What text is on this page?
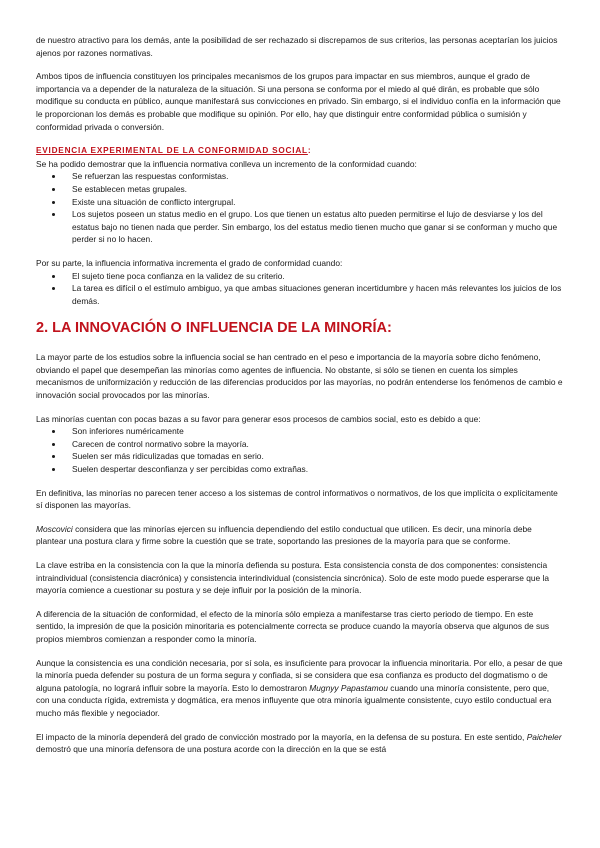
de nuestro atractivo para los demás, ante la posibilidad de ser rechazado si discrepamos de sus criterios, las personas aceptarían los juicios ajenos por razones normativas.

Ambos tipos de influencia constituyen los principales mecanismos de los grupos para impactar en sus miembros, aunque el grado de importancia va a depender de la naturaleza de la situación. Si una persona se conforma por el miedo al qué dirán, es probable que sólo modifique su conducta en público, aunque manifestará sus convicciones en privado. Sin embargo, si el individuo confía en la información que le proporcionan los demás es probable que modifique su opinión. Por ello, hay que distinguir entre conformidad pública o sumisión y conformidad privada o conversión.

EVIDENCIA EXPERIMENTAL DE LA CONFORMIDAD SOCIAL:

Se ha podido demostrar que la influencia normativa conlleva un incremento de la conformidad cuando:

• Se refuerzan las respuestas conformistas.
• Se establecen metas grupales.
• Existe una situación de conflicto intergrupal.
• Los sujetos poseen un status medio en el grupo. Los que tienen un estatus alto pueden permitirse el lujo de desviarse y los del estatus bajo no tienen nada que perder. Sin embargo, los del estatus medio tienen mucho que ganar si se conforman y mucho que perder si no lo hacen.

Por su parte, la influencia informativa incrementa el grado de conformidad cuando:

• El sujeto tiene poca confianza en la validez de su criterio.
• La tarea es difícil o el estímulo ambiguo, ya que ambas situaciones generan incertidumbre y hacen más relevantes los juicios de los demás.
2. LA INNOVACIÓN O INFLUENCIA DE LA MINORÍA:

La mayor parte de los estudios sobre la influencia social se han centrado en el peso e importancia de la mayoría sobre dicho fenómeno, obviando el papel que desempeñan las minorías como agentes de influencia. No obstante, si sólo se tienen en cuenta los simples mecanismos de uniformización y reducción de las diferencias producidos por las mayorías, no podrán entenderse los fenómenos de cambio e innovación social provocados por las minorías.

Las minorías cuentan con pocas bazas a su favor para generar esos procesos de cambios social, esto es debido a que:

• Son inferiores numéricamente
• Carecen de control normativo sobre la mayoría.
• Suelen ser más ridiculizadas que tomadas en serio.
• Suelen despertar desconfianza y ser percibidas como extrañas.

En definitiva, las minorías no parecen tener acceso a los sistemas de control informativos o normativos, de los que implícita o explícitamente sí disponen las mayorías.

Moscovici considera que las minorías ejercen su influencia dependiendo del estilo conductual que utilicen. Es decir, una minoría debe plantear una postura clara y firme sobre la cuestión que se trate, soportando las presiones de la mayoría para que se conforme.

La clave estriba en la consistencia con la que la minoría defienda su postura. Esta consistencia consta de dos componentes: consistencia intraindividual (consistencia diacrónica) y consistencia interindividual (consistencia sincrónica). Solo de este modo puede esperarse que la mayoría comience a cuestionar su postura y se deje influir por la posición de la minoría.

A diferencia de la situación de conformidad, el efecto de la minoría sólo empieza a manifestarse tras cierto periodo de tiempo. En este sentido, la impresión de que la posición minoritaria es potencialmente correcta se produce cuando la mayoría observa que algunos de sus propios miembros comienzan a responder como la minoría.

Aunque la consistencia es una condición necesaria, por sí sola, es insuficiente para provocar la influencia minoritaria. Por ello, a pesar de que la minoría pueda defender su postura de un forma segura y confiada, si se considera que esa confianza es producto del dogmatismo o de alguna patología, no logrará influir sobre la mayoría. Esto lo demostraron Mugnyy Papastamou cuando una minoría consistente, pero que, con una conducta rígida, extremista y dogmática, era menos influyente que otra minoría igualmente consistente, cuyo estilo conductual era mucho más flexible y negociador.

El impacto de la minoría dependerá del grado de convicción mostrado por la mayoría, en la defensa de su postura. En este sentido, Paicheler demostró que una minoría defensora de una postura acorde con la dirección en la que se está
